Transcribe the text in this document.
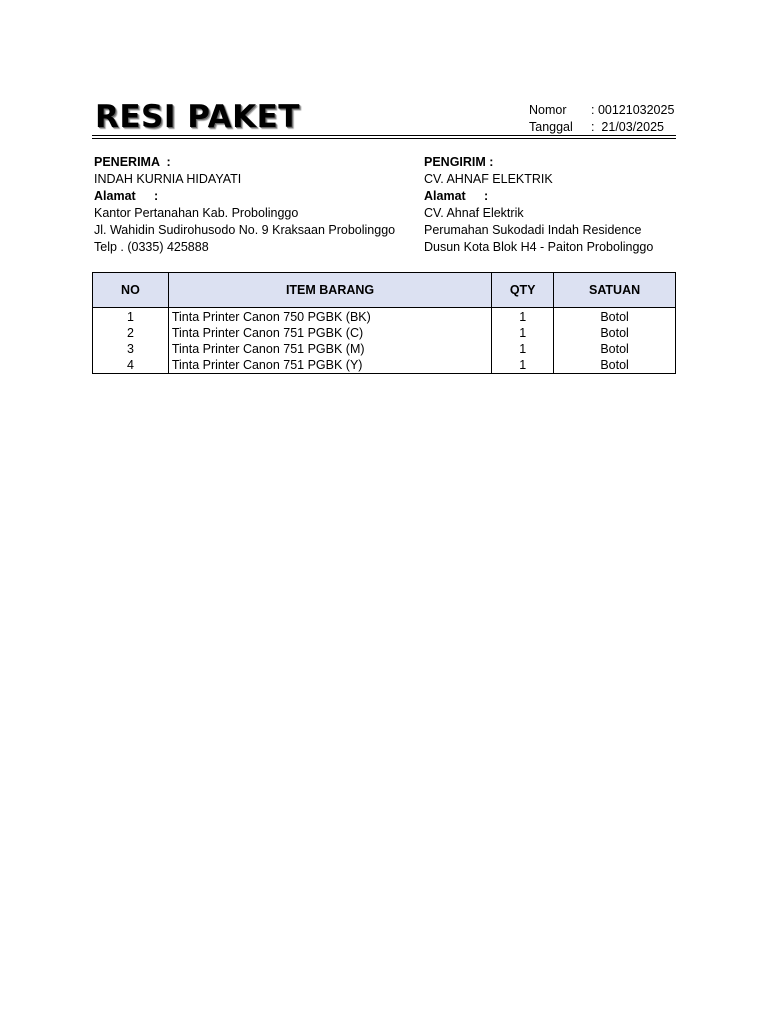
RESI PAKET	Nomor : 00121032025
Tanggal :  21/03/2025
PENERIMA  :
INDAH KURNIA HIDAYATI
Alamat :
Kantor Pertanahan Kab. Probolinggo
Jl. Wahidin Sudirohusodo No. 9 Kraksaan Probolinggo
Telp . (0335) 425888
PENGIRIM :
CV. AHNAF ELEKTRIK
Alamat :
CV. Ahnaf Elektrik
Perumahan Sukodadi Indah Residence
Dusun Kota Blok H4 - Paiton Probolinggo
NO	ITEM BARANG	QTY	SATUAN
1	Tinta Printer Canon 750 PGBK (BK)	1	Botol
2	Tinta Printer Canon 751 PGBK (C)	1	Botol
3	Tinta Printer Canon 751 PGBK (M)	1	Botol
4	Tinta Printer Canon 751 PGBK (Y)	1	Botol
